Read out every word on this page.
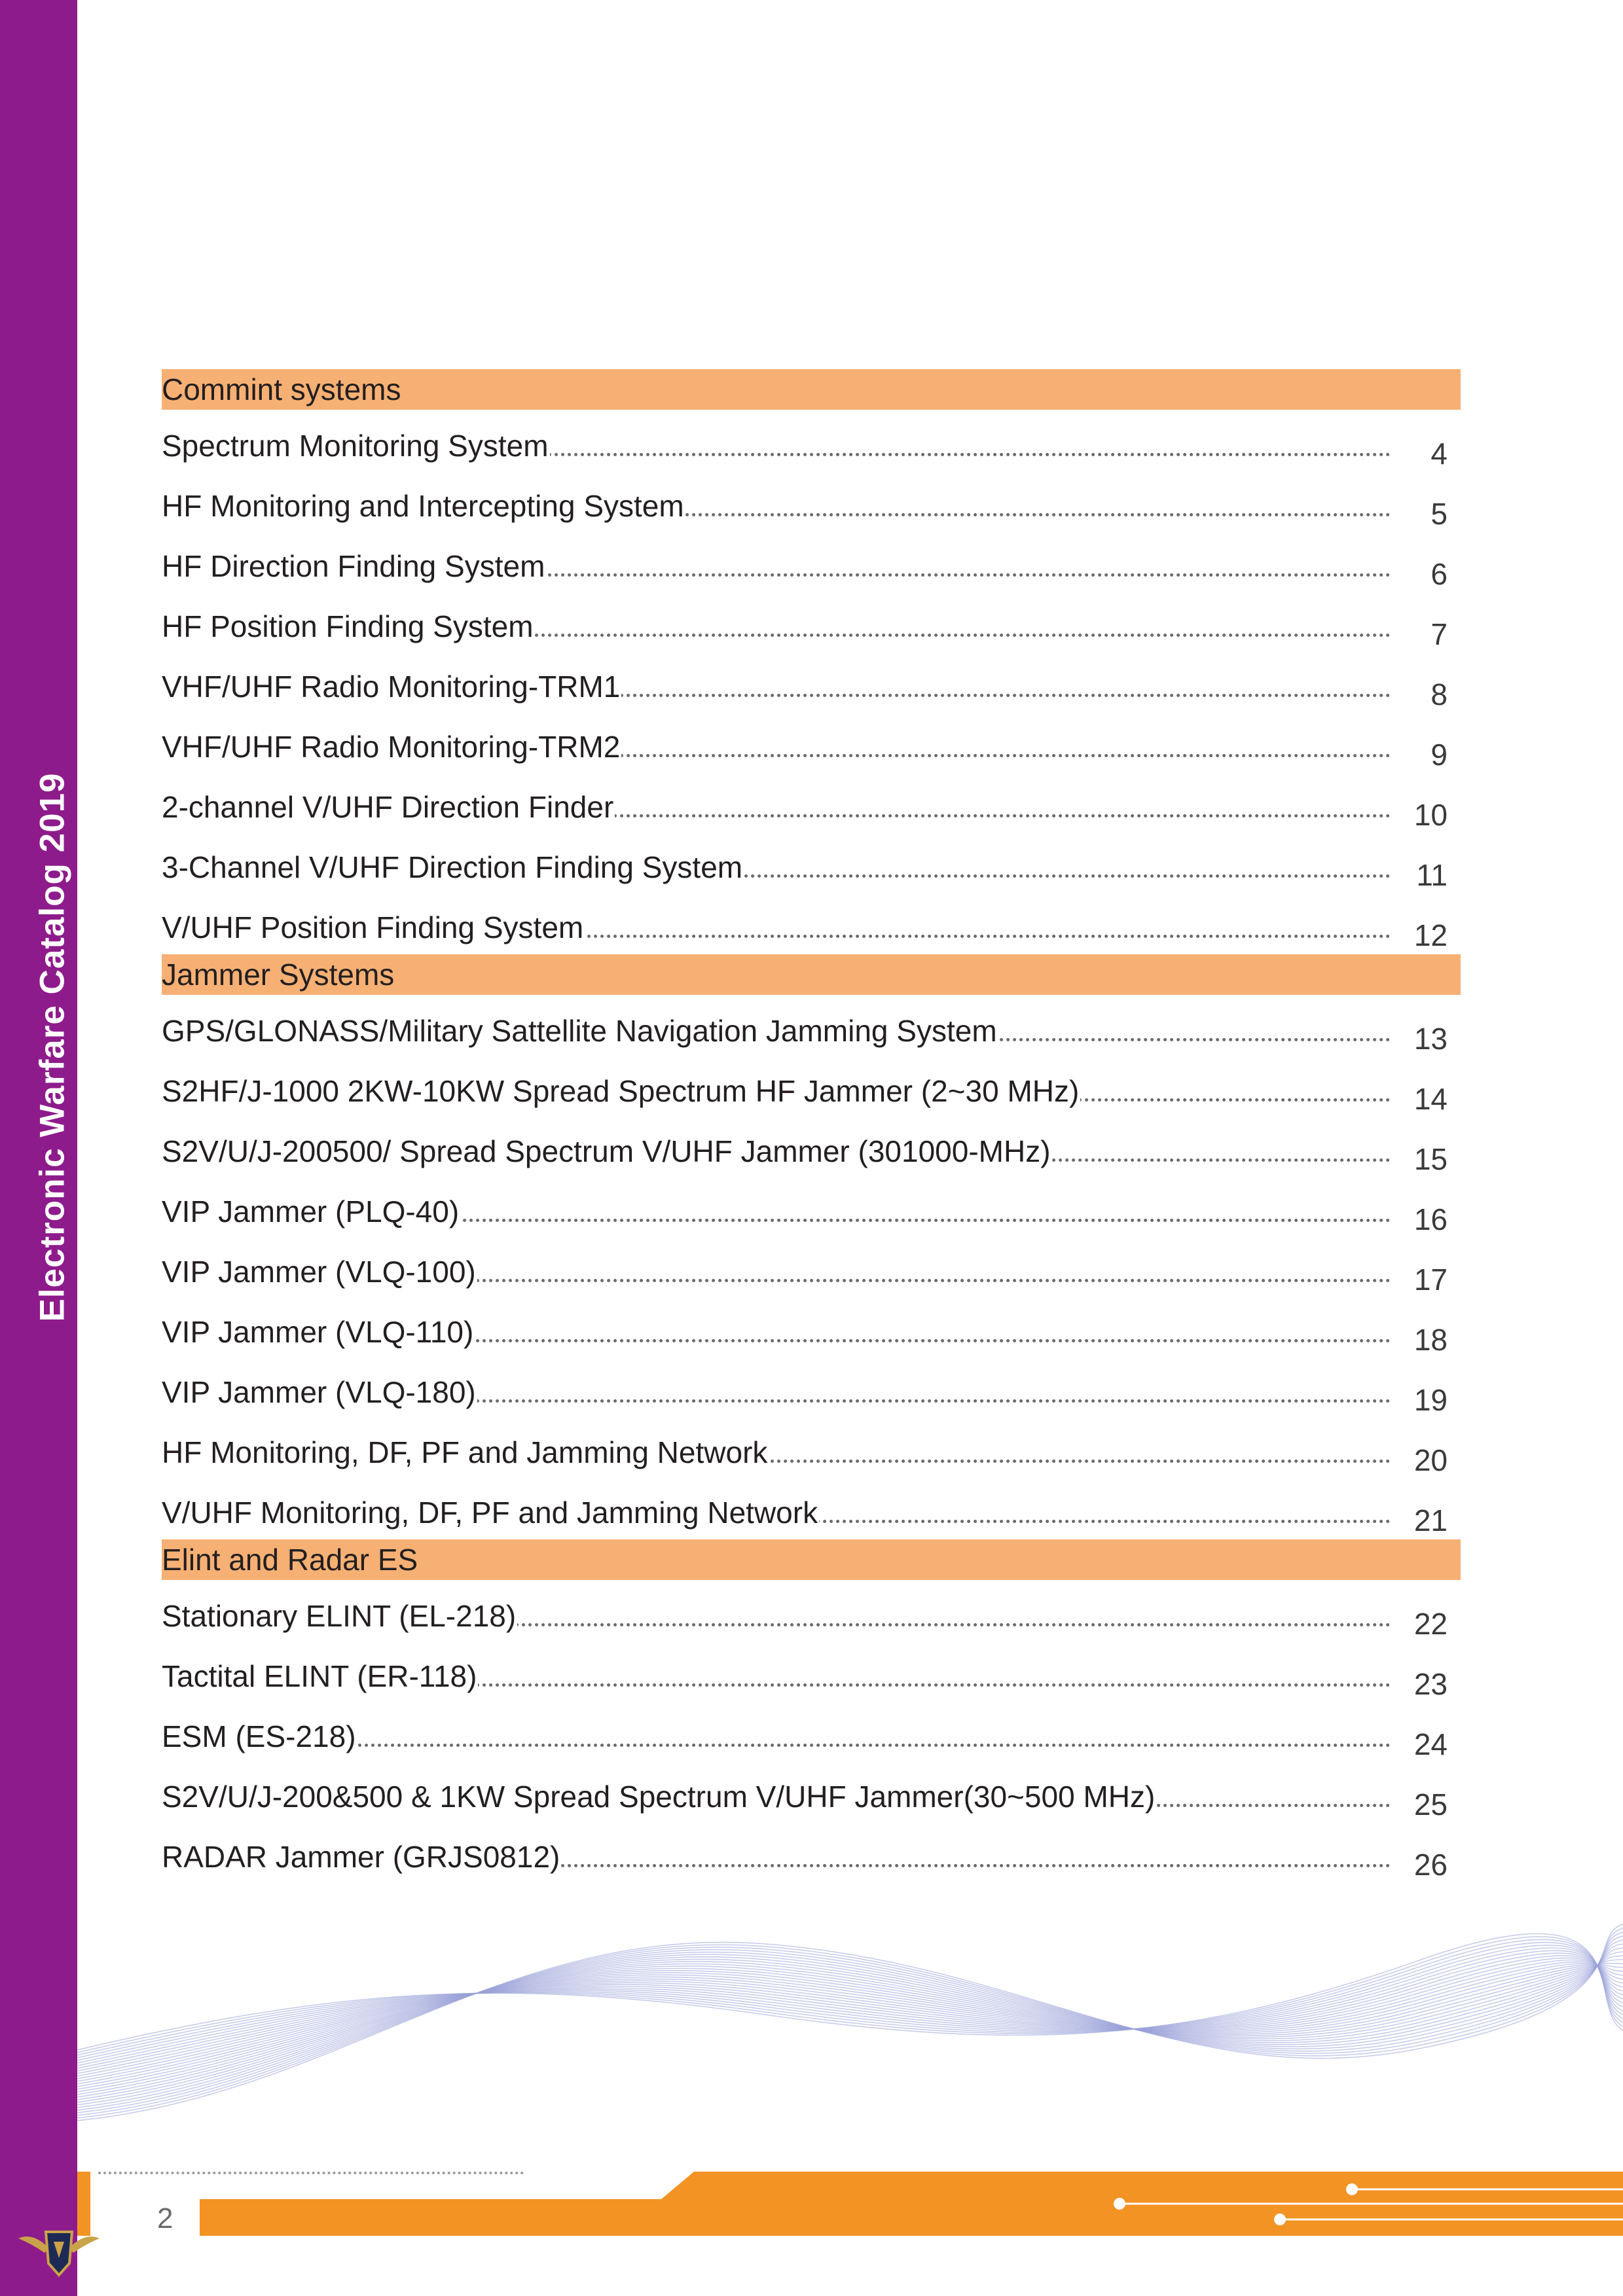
Electronic Warfare Catalog 2019
Commint systems
Spectrum Monitoring System	4
HF Monitoring and Intercepting System	5
HF Direction Finding System	6
HF Position Finding System	7
VHF/UHF Radio Monitoring-TRM1	8
VHF/UHF Radio Monitoring-TRM2	9
2-channel V/UHF Direction Finder	10
3-Channel V/UHF Direction Finding System	11
V/UHF Position Finding System	12
Jammer Systems
GPS/GLONASS/Military Sattellite Navigation Jamming System	13
S2HF/J-1000 2KW-10KW Spread Spectrum HF Jammer (2~30 MHz)	14
S2V/U/J-200500/ Spread Spectrum V/UHF Jammer (301000-MHz)	15
VIP Jammer (PLQ-40)	16
VIP Jammer (VLQ-100)	17
VIP Jammer (VLQ-110)	18
VIP Jammer (VLQ-180)	19
HF Monitoring, DF, PF and Jamming Network	20
V/UHF Monitoring, DF, PF and Jamming Network	21
Elint and Radar ES
Stationary ELINT (EL-218)	22
Tactital ELINT (ER-118)	23
ESM (ES-218)	24
S2V/U/J-200&500 & 1KW Spread Spectrum V/UHF Jammer(30~500 MHz)	25
RADAR Jammer (GRJS0812)	26
2
